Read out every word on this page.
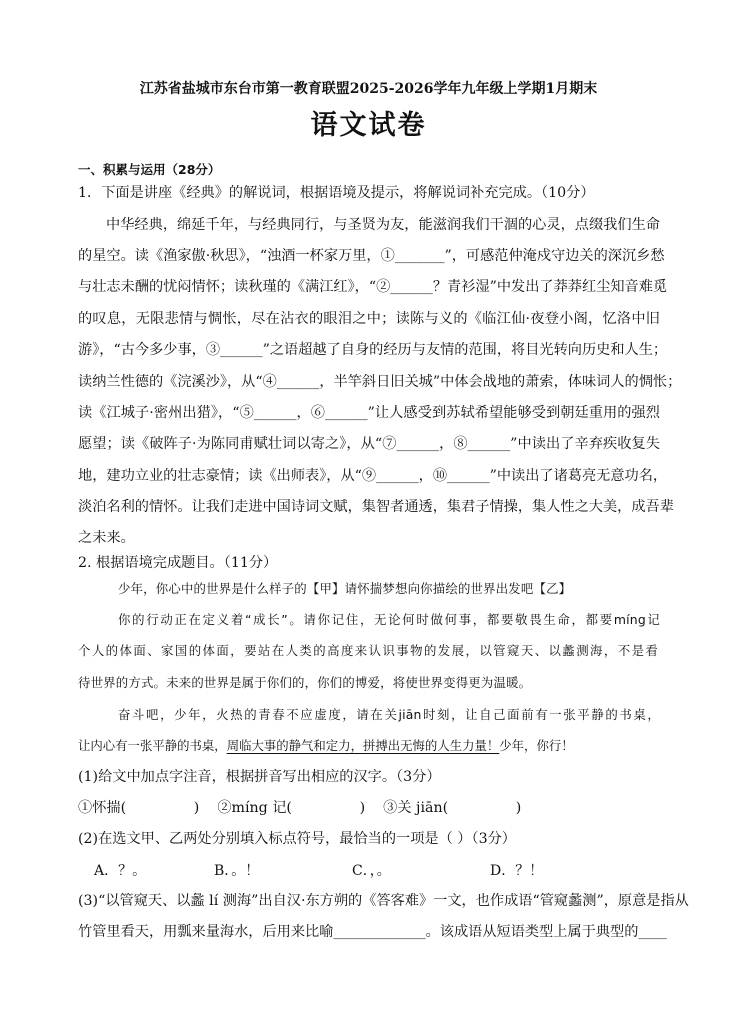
江苏省盐城市东台市第一教育联盟2025-2026学年九年级上学期1月期末
语文试卷
一、积累与运用（28分）
1．下面是讲座《经典》的解说词，根据语境及提示，将解说词补充完成。（10分）
中华经典，绵延千年，与经典同行，与圣贤为友，能滋润我们干涸的心灵，点缀我们生命
的星空。读《渔家傲·秋思》，“浊酒一杯家万里，①_______”，可感范仲淹戍守边关的深沉乡愁
与壮志未酬的忧闷情怀；读秋瑾的《满江红》，“②______？青衫湿”中发出了莽莽红尘知音难觅
的叹息，无限悲情与惆怅，尽在沾衣的眼泪之中；读陈与义的《临江仙·夜登小阁，忆洛中旧
游》，“古今多少事，③______”之语超越了自身的经历与友情的范围，将目光转向历史和人生；
读纳兰性德的《浣溪沙》，从“④______，半竿斜日旧关城”中体会战地的萧索，体味词人的惆怅；
读《江城子·密州出猎》，“⑤______，⑥______”让人感受到苏轼希望能够受到朝廷重用的强烈
愿望；读《破阵子·为陈同甫赋壮词以寄之》，从“⑦______，⑧______”中读出了辛弃疾收复失
地，建功立业的壮志豪情；读《出师表》，从“⑨______，⑩______”中读出了诸葛亮无意功名，
淡泊名利的情怀。让我们走进中国诗词文赋，集智者通透，集君子情操，集人性之大美，成吾辈
之未来。
2. 根据语境完成题目。（11分）
少年，你心中的世界是什么样子的【甲】请怀揣梦想向你描绘的世界出发吧【乙】
你的行动正在定义着“成长”。请你记住，无论何时做何事，都要敬畏生命，都要míng记
个人的体面、家国的体面，要站在人类的高度来认识事物的发展，以管窥天、以蠡测海，不是看
待世界的方式。未来的世界是属于你们的，你们的博爱，将使世界变得更为温暖。
奋斗吧，少年，火热的青春不应虚度，请在关jiān时刻，让自己面前有一张平静的书桌，
让内心有一张平静的书桌，周临大事的静气和定力，拼搏出无悔的人生力量！少年，你行！
(1)给文中加点字注音，根据拼音写出相应的汉字。（3分）
①怀揣(               )    ②míng 记(               )    ③关 jiān(               )
(2)在选文甲、乙两处分别填入标点符号，最恰当的一项是（ ）（3分）
A．？。	B．。！	C．，。	D．？！
(3)“以管窥天、以蠡 lí 测海”出自汉·东方朔的《答客难》一文，也作成语“管窥蠡测”，原意是指从
竹管里看天，用瓢来量海水，后用来比喻_____________。该成语从短语类型上属于典型的____
